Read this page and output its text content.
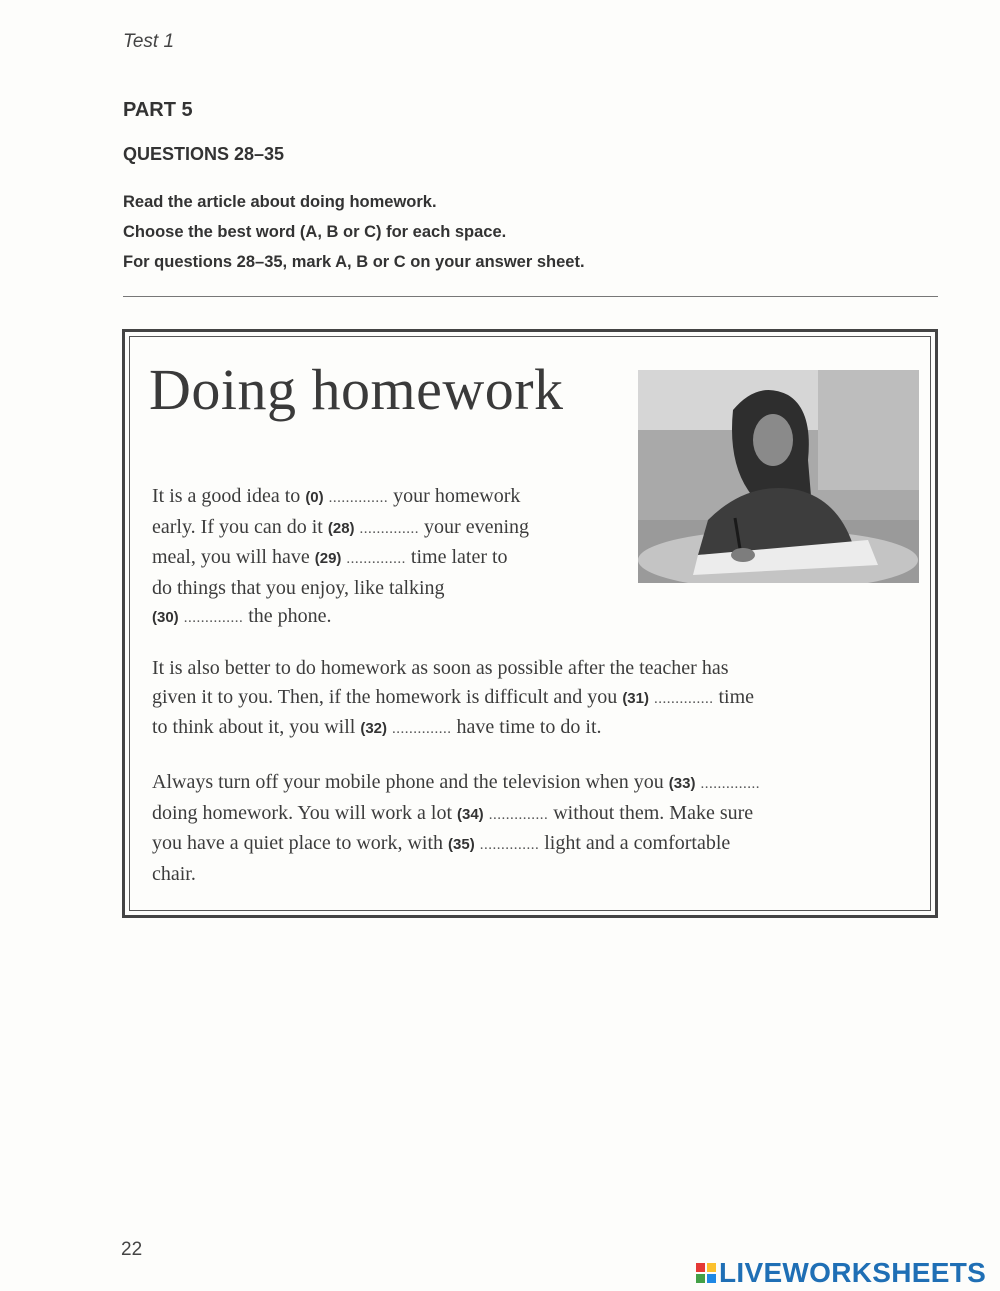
Test 1
PART 5
QUESTIONS 28–35
Read the article about doing homework.
Choose the best word (A, B or C) for each space.
For questions 28–35, mark A, B or C on your answer sheet.
Doing homework
It is a good idea to (0) .............. your homework
early. If you can do it (28) .............. your evening
meal, you will have (29) .............. time later to
do things that you enjoy, like talking
(30) .............. the phone.
It is also better to do homework as soon as possible after the teacher has
given it to you. Then, if the homework is difficult and you (31) .............. time
to think about it, you will (32) .............. have time to do it.
Always turn off your mobile phone and the television when you (33) ..............
doing homework. You will work a lot (34) .............. without them. Make sure
you have a quiet place to work, with (35) .............. light and a comfortable
chair.
22
LIVEWORKSHEETS
